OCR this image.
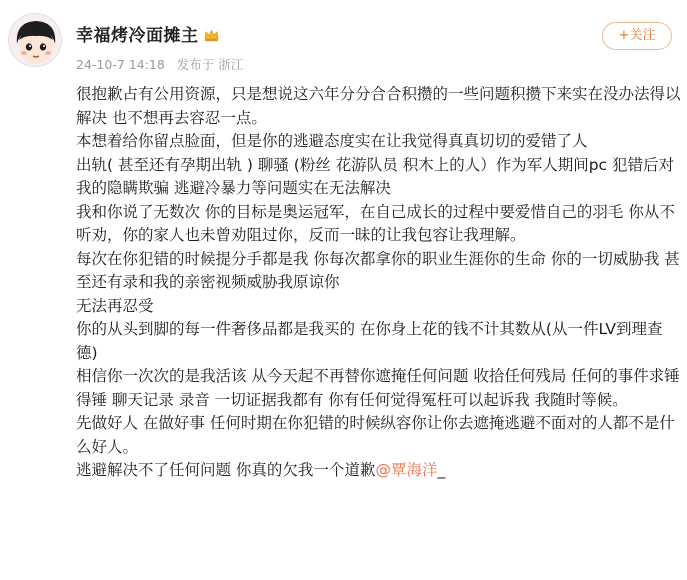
幸福烤冷面摊主
24-10-7 14:18 发布于 浙江
+关注

很抱歉占有公用资源，只是想说这六年分分合合积攒的一些问题积攒下来实在没办法得以解决 也不想再去容忍一点。

本想着给你留点脸面，但是你的逃避态度实在让我觉得真真切切的爱错了人

出轨( 甚至还有孕期出轨 ) 聊骚 (粉丝 花游队员 积木上的人）作为军人期间pc 犯错后对我的隐瞒欺骗 逃避冷暴力等问题实在无法解决

我和你说了无数次 你的目标是奥运冠军，在自己成长的过程中要爱惜自己的羽毛 你从不听劝，你的家人也未曾劝阻过你，反而一昧的让我包容让我理解。

每次在你犯错的时候提分手都是我 你每次都拿你的职业生涯你的生命 你的一切威胁我 甚至还有录和我的亲密视频威胁我原谅你

无法再忍受

你的从头到脚的每一件奢侈品都是我买的 在你身上花的钱不计其数从(从一件LV到理查德)

相信你一次次的是我活该 从今天起不再替你遮掩任何问题 收拾任何残局 任何的事件求锤得锤 聊天记录 录音 一切证据我都有 你有任何觉得冤枉可以起诉我 我随时等候。

先做好人 在做好事 任何时期在你犯错的时候纵容你让你去遮掩逃避不面对的人都不是什么好人。

逃避解决不了任何问题 你真的欠我一个道歉@覃海洋_
